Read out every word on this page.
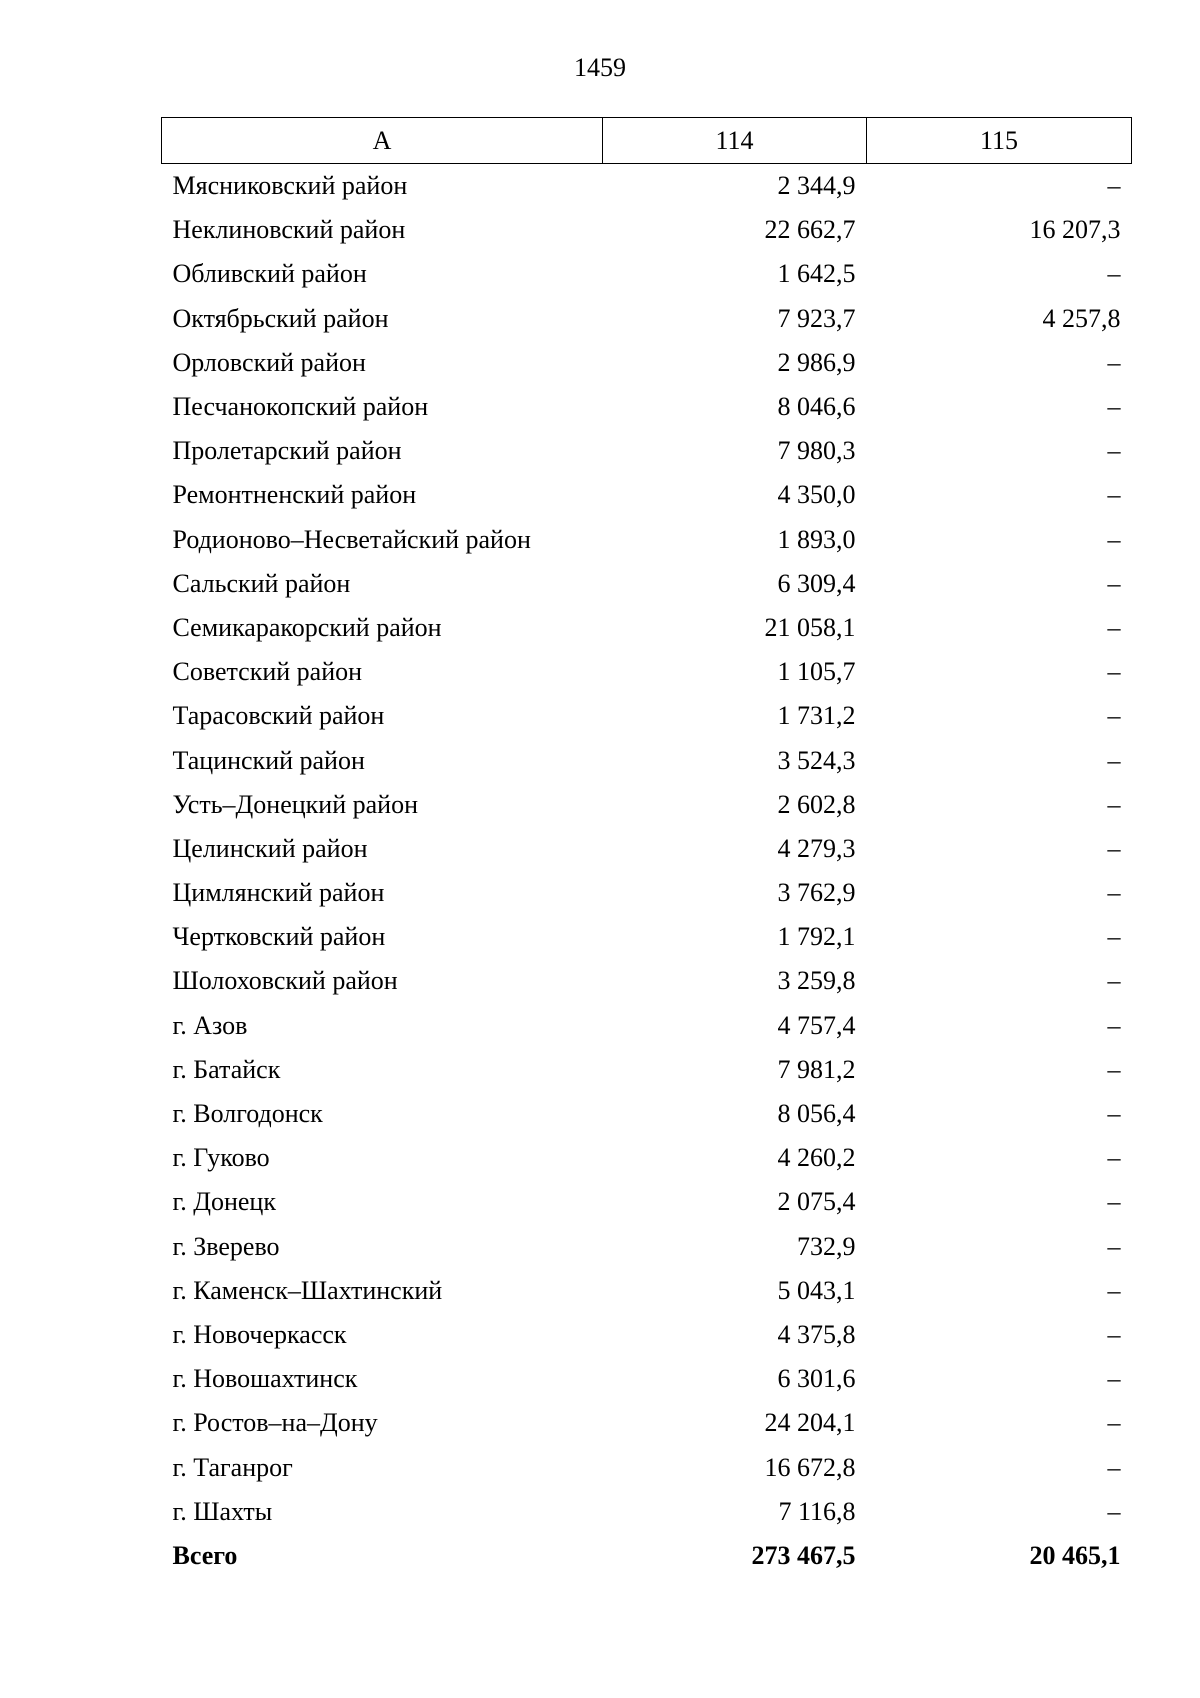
1459
А	114	115
Мясниковский район	2 344,9	–
Неклиновский район	22 662,7	16 207,3
Обливский район	1 642,5	–
Октябрьский район	7 923,7	4 257,8
Орловский район	2 986,9	–
Песчанокопский район	8 046,6	–
Пролетарский район	7 980,3	–
Ремонтненский район	4 350,0	–
Родионово–Несветайский район	1 893,0	–
Сальский район	6 309,4	–
Семикаракорский район	21 058,1	–
Советский район	1 105,7	–
Тарасовский район	1 731,2	–
Тацинский район	3 524,3	–
Усть–Донецкий район	2 602,8	–
Целинский район	4 279,3	–
Цимлянский район	3 762,9	–
Чертковский район	1 792,1	–
Шолоховский район	3 259,8	–
г. Азов	4 757,4	–
г. Батайск	7 981,2	–
г. Волгодонск	8 056,4	–
г. Гуково	4 260,2	–
г. Донецк	2 075,4	–
г. Зверево	732,9	–
г. Каменск–Шахтинский	5 043,1	–
г. Новочеркасск	4 375,8	–
г. Новошахтинск	6 301,6	–
г. Ростов–на–Дону	24 204,1	–
г. Таганрог	16 672,8	–
г. Шахты	7 116,8	–
Всего	273 467,5	20 465,1
